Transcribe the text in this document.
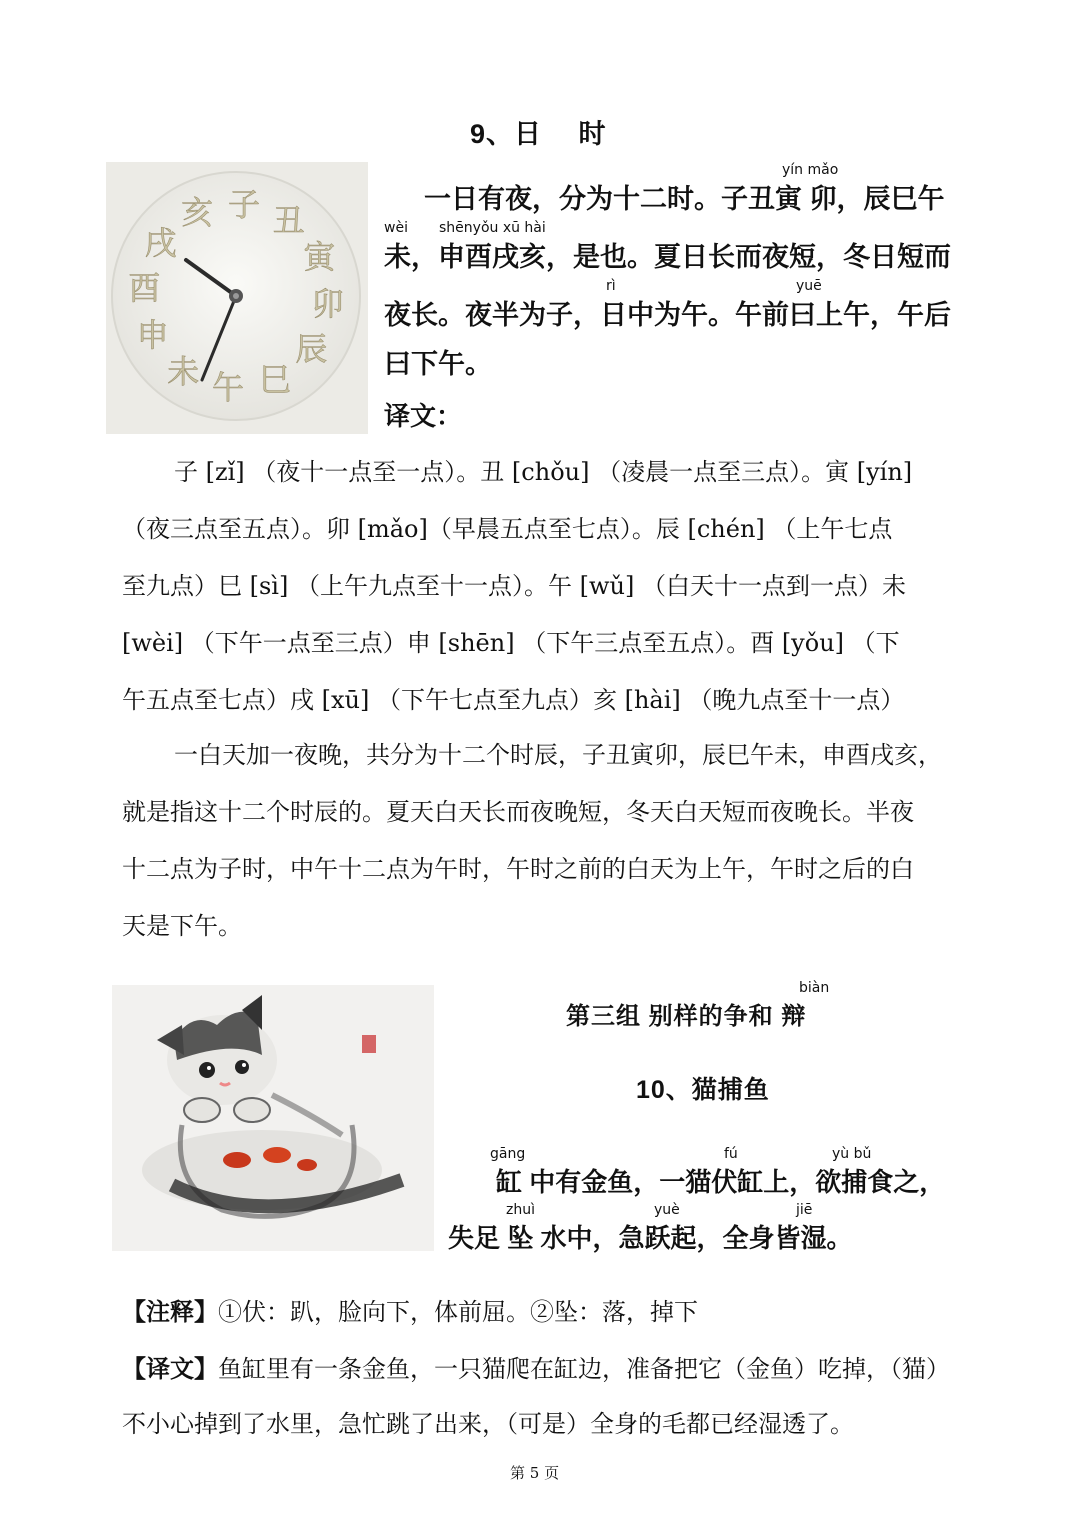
9、日　 时
亥 子 丑
寅
卯
辰
巳
午
未
申
酉
戌
yín mǎo
一日有夜，分为十二时。子丑寅 卯，辰巳午
wèi shēnyǒu xū hài
未，申酉戌亥，是也。夏日长而夜短，冬日短而
rì	yuē
夜长。夜半为子，日中为午。午前曰上午，午后
曰下午。
译文：
子 [zǐ] （夜十一点至一点）。丑 [chǒu] （凌晨一点至三点）。寅 [yín]
（夜三点至五点）。卯 [mǎo]（早晨五点至七点）。辰 [chén] （上午七点
至九点）巳 [sì] （上午九点至十一点）。午 [wǔ] （白天十一点到一点）未
[wèi] （下午一点至三点）申 [shēn] （下午三点至五点）。酉 [yǒu] （下
午五点至七点）戌 [xū] （下午七点至九点）亥 [hài] （晚九点至十一点）
一白天加一夜晚，共分为十二个时辰，子丑寅卯，辰巳午未，申酉戌亥，
就是指这十二个时辰的。夏天白天长而夜晚短，冬天白天短而夜晚长。半夜
十二点为子时，中午十二点为午时，午时之前的白天为上午，午时之后的白
天是下午。
biàn
第三组 别样的争和 辩
10、猫捕鱼
gāng	fú	yù bǔ
缸 中有金鱼，一猫伏缸上，欲捕食之，
zhuì	yuè	jiē
失足 坠 水中，急跃起，全身皆湿。
【注释】①伏：趴，脸向下，体前屈。②坠：落，掉下
【译文】鱼缸里有一条金鱼，一只猫爬在缸边，准备把它（金鱼）吃掉，（猫）
不小心掉到了水里，急忙跳了出来，（可是）全身的毛都已经湿透了。
第 5 页
